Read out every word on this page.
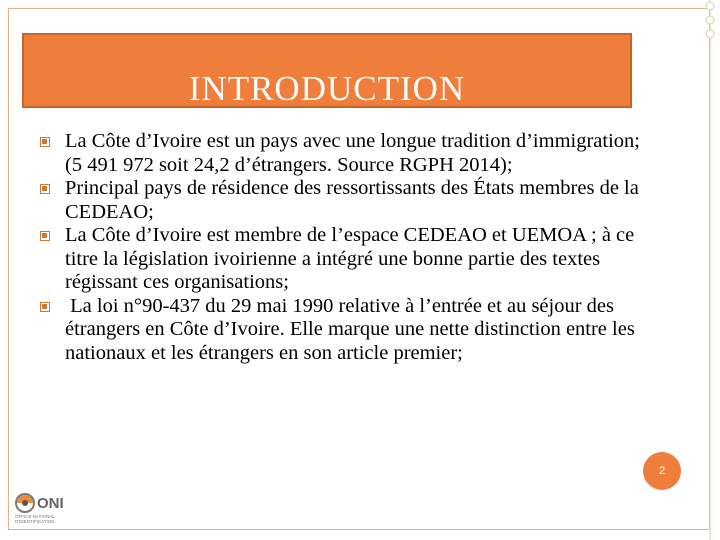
INTRODUCTION
La Côte d’Ivoire est un pays avec une longue tradition d’immigration; (5 491 972 soit 24,2 d’étrangers. Source RGPH 2014);
Principal pays de résidence des ressortissants des États membres de la CEDEAO;
La Côte d’Ivoire est membre de l’espace CEDEAO et UEMOA ; à ce titre la législation ivoirienne a intégré une bonne partie des textes régissant ces organisations;
La loi n°90-437 du 29 mai 1990 relative à l’entrée et au séjour des étrangers en Côte d’Ivoire. Elle marque une nette distinction entre les nationaux et les étrangers en son article premier;
2
ONI
OFFICE NATIONAL
D'IDENTIFICATION
